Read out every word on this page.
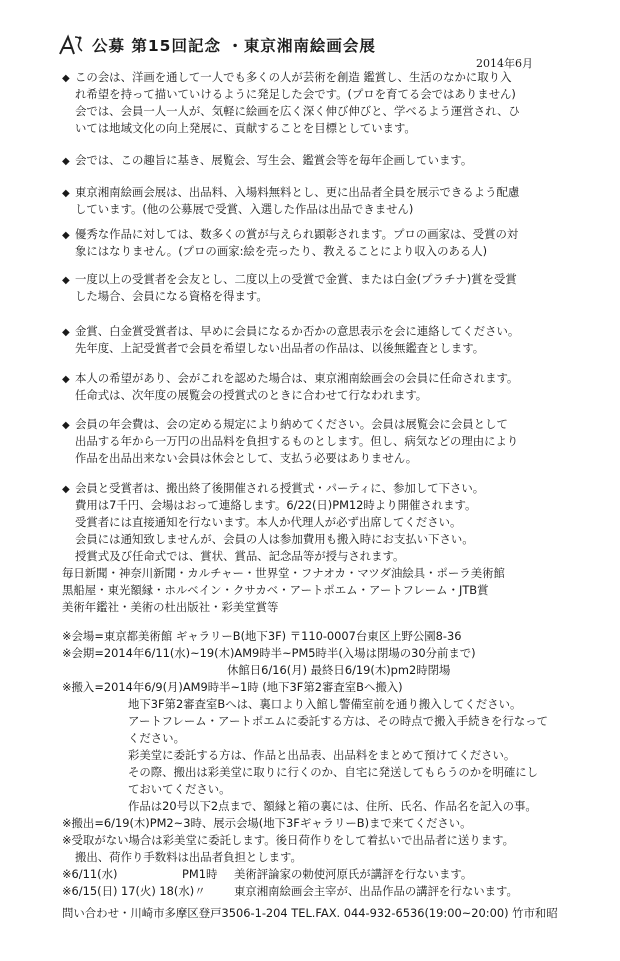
公募 第15回記念 ・東京湘南絵画会展
2014年6月
◆ この会は、洋画を通して一人でも多くの人が芸術を創造 鑑賞し、生活のなかに取り入
れ希望を持って描いていけるように発足した会です。(プロを育てる会ではありません)
会では、会員一人一人が、気軽に絵画を広く深く伸び伸びと、学べるよう運営され、ひ
いては地域文化の向上発展に、貢献することを目標としています。
◆ 会では、この趣旨に基き、展覧会、写生会、鑑賞会等を毎年企画しています。
◆ 東京湘南絵画会展は、出品料、入場料無料とし、更に出品者全員を展示できるよう配慮
しています。(他の公募展で受賞、入選した作品は出品できません)
◆ 優秀な作品に対しては、数多くの賞が与えられ顕彰されます。プロの画家は、受賞の対
象にはなりません。(プロの画家:絵を売ったり、教えることにより収入のある人)
◆ 一度以上の受賞者を会友とし、二度以上の受賞で金賞、または白金(プラチナ)賞を受賞
した場合、会員になる資格を得ます。
◆ 金賞、白金賞受賞者は、早めに会員になるか否かの意思表示を会に連絡してください。
先年度、上記受賞者で会員を希望しない出品者の作品は、以後無鑑査とします。
◆ 本人の希望があり、会がこれを認めた場合は、東京湘南絵画会の会員に任命されます。
任命式は、次年度の展覧会の授賞式のときに合わせて行なわれます。
◆ 会員の年会費は、会の定める規定により納めてください。会員は展覧会に会員として
出品する年から一万円の出品料を負担するものとします。但し、病気などの理由により
作品を出品出来ない会員は休会として、支払う必要はありません。
◆ 会員と受賞者は、搬出終了後開催される授賞式・パーティに、参加して下さい。
費用は7千円、会場はおって連絡します。6/22(日)PM12時より開催されます。
受賞者には直接通知を行ないます。本人か代理人が必ず出席してください。
会員には通知致しませんが、会員の人は参加費用も搬入時にお支払い下さい。
授賞式及び任命式では、賞状、賞品、記念品等が授与されます。
毎日新聞・神奈川新聞・カルチャー・世界堂・フナオカ・マツダ油絵具・ポーラ美術館
黒船屋・東光額縁・ホルベイン・クサカベ・アートポエム・アートフレーム・JTB賞
美術年鑑社・美術の杜出版社・彩美堂賞等
※会場=東京都美術館 ギャラリーB(地下3F) 〒110-0007台東区上野公園8-36
※会期=2014年6/11(水)~19(木)AM9時半~PM5時半(入場は閉場の30分前まで)
休館日6/16(月) 最終日6/19(木)pm2時閉場
※搬入=2014年6/9(月)AM9時半~1時 (地下3F第2審査室Bへ搬入)
地下3F第2審査室Bへは、裏口より入館し警備室前を通り搬入してください。
アートフレーム・アートポエムに委託する方は、その時点で搬入手続きを行なって
ください。
彩美堂に委託する方は、作品と出品表、出品料をまとめて預けてください。
その際、搬出は彩美堂に取りに行くのか、自宅に発送してもらうのかを明確にし
ておいてください。
作品は20号以下2点まで、額縁と箱の裏には、住所、氏名、作品名を記入の事。
※搬出=6/19(木)PM2~3時、展示会場(地下3FギャラリーB)まで来てください。
※受取がない場合は彩美堂に委託します。後日荷作りをして着払いで出品者に送ります。
搬出、荷作り手数料は出品者負担とします。
※6/11(水)	PM1時 美術評論家の勅使河原氏が講評を行ないます。
※6/15(日) 17(火) 18(水)〃 東京湘南絵画会主宰が、出品作品の講評を行ないます。
問い合わせ・川崎市多摩区登戸3506-1-204 TEL.FAX. 044-932-6536(19:00~20:00) 竹市和昭
